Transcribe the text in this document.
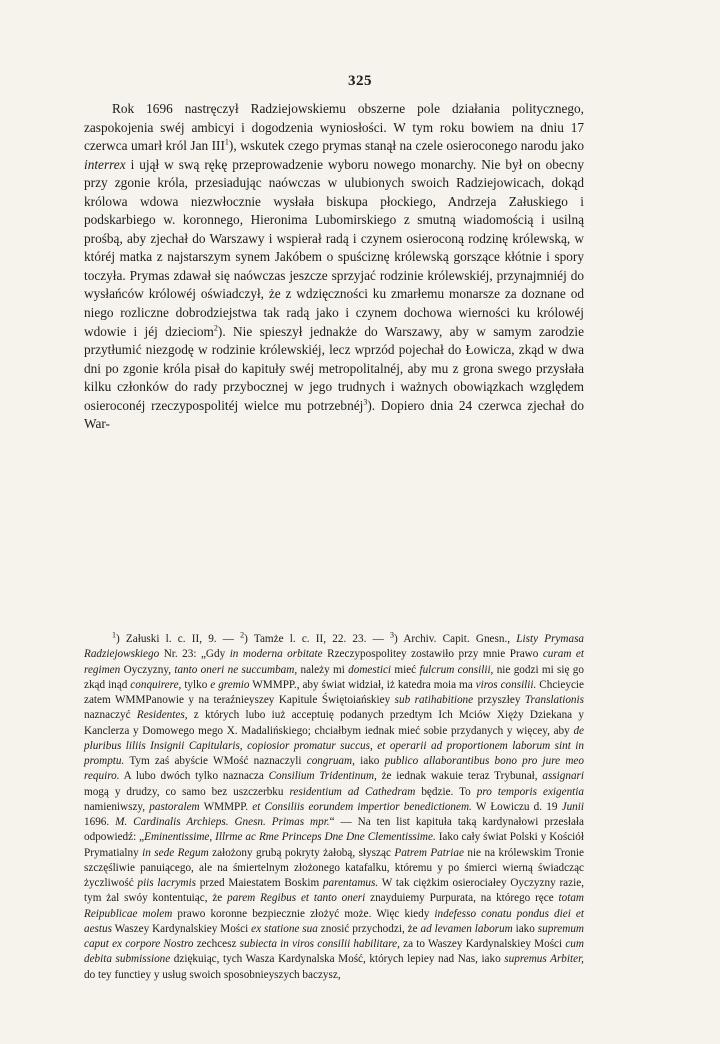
325

Rok 1696 nastręczył Radziejowskiemu obszerne pole działania politycznego, zaspokojenia swéj ambicyi i dogodzenia wyniosłości. W tym roku bowiem na dniu 17 czerwca umarł król Jan III$^1$), wskutek czego prymas stanął na czele osieroconego narodu jako interrex i ujął w swą rękę przeprowadzenie wyboru nowego monarchy. Nie był on obecny przy zgonie króla, przesiadując naówczas w ulubionych swoich Radziejowicach, dokąd królowa wdowa niezwłocznie wysłała biskupa płockiego, Andrzeja Załuskiego i podskarbiego w. koronnego, Hieronima Lubomirskiego z smutną wiadomością i usilną prośbą, aby zjechał do Warszawy i wspierał radą i czynem osieroconą rodzinę królewską, w któréj matka z najstarszym synem Jakóbem o spuściznę królewską gorszące kłótnie i spory toczyła. Prymas zdawał się naówczas jeszcze sprzyjać rodzinie królewskiéj, przynajmniéj do wysłańców królowéj oświadczył, że z wdzięczności ku zmarłemu monarsze za doznane od niego rozliczne dobrodziejstwa tak radą jako i czynem dochowa wierności ku królowéj wdowie i jéj dzieciom$^2$). Nie spieszył jednakże do Warszawy, aby w samym zarodzie przytłumić niezgodę w rodzinie królewskiéj, lecz wprzód pojechał do Łowicza, zkąd w dwa dni po zgonie króla pisał do kapituły swéj metropolitalnéj, aby mu z grona swego przysłała kilku członków do rady przybocznej w jego trudnych i ważnych obowiązkach względem osieroconéj rzeczypospolitéj wielce mu potrzebnéj$^3$). Dopiero dnia 24 czerwca zjechał do War-

$^1$) Załuski l. c. II, 9. — $^2$) Tamże l. c. II, 22. 23. — $^3$) Archiv. Capit. Gnesn., Listy Prymasa Radziejowskiego Nr. 23: „Gdy in moderna orbitate Rzeczypospolitey zostawiło przy mnie Prawo curam et regimen Oyczyzny, tanto oneri ne succumbam, należy mi domestici mieć fulcrum consilii, nie godzi mi się go zkąd inąd conquirere, tylko e gremio WMMPP., aby świat widział, iż katedra moia ma viros consilii. Chcieycie zatem WMMPanowie y na teraźnieyszey Kapitule Świętoiańskiey sub ratihabitione przyszłey Translationis naznaczyć Residentes, z których lubo iuż acceptuię podanych przedtym Ich Mciów Xięży Dziekana y Kanclerza y Domowego mego X. Madalińskiego; chciałbym iednak mieć sobie przydanych y więcey, aby de pluribus liliis Insignii Capitularis, copiosior promatur succus, et operarii ad proportionem laborum sint in promptu. Tym zaś abyście WMość naznaczyli congruam, iako publico allaborantibus bono pro jure meo requiro. A lubo dwóch tylko naznacza Consilium Tridentinum, że iednak wakuie teraz Trybunał, assignari mogą y drudzy, co samo bez uszczerbku residentium ad Cathedram będzie. To pro temporis exigentia namieniwszy, pastoralem WMMPP. et Consiliis eorundem impertior benedictionem. W Łowiczu d. 19 Junii 1696. M. Cardinalis Archieps. Gnesn. Primas mpr.“ — Na ten list kapituła taką kardynałowi przesłała odpowiedź: „Eminentissime, Illrme ac Rme Princeps Dne Dne Clementissime. Iako cały świat Polski y Kościół Prymatialny in sede Regum założony grubą pokryty żałobą, słysząc Patrem Patriae nie na królewskim Tronie szczęśliwie panuiącego, ale na śmiertelnym złożonego katafalku, któremu y po śmierci wierną świadcząc życzliwość piis lacrymis przed Maiestatem Boskim parentamus. W tak ciężkim osierociałey Oyczyzny razie, tym żal swóy kontentuiąc, że parem Regibus et tanto oneri znayduiemy Purpurata, na którego ręce totam Reipublicae molem prawo koronne bezpiecznie złożyć może. Więc kiedy indefesso conatu pondus diei et aestus Waszey Kardynalskiey Mości ex statione sua znosić przychodzi, że ad levamen laborum iako supremum caput ex corpore Nostro zechcesz subiecta in viros consilii habilitare, za to Waszey Kardynalskiey Mości cum debita submissione dziękuiąc, tych Wasza Kardynalska Mość, których lepiey nad Nas, iako supremus Arbiter, do tey functiey y usług swoich sposobnieyszych baczysz,
